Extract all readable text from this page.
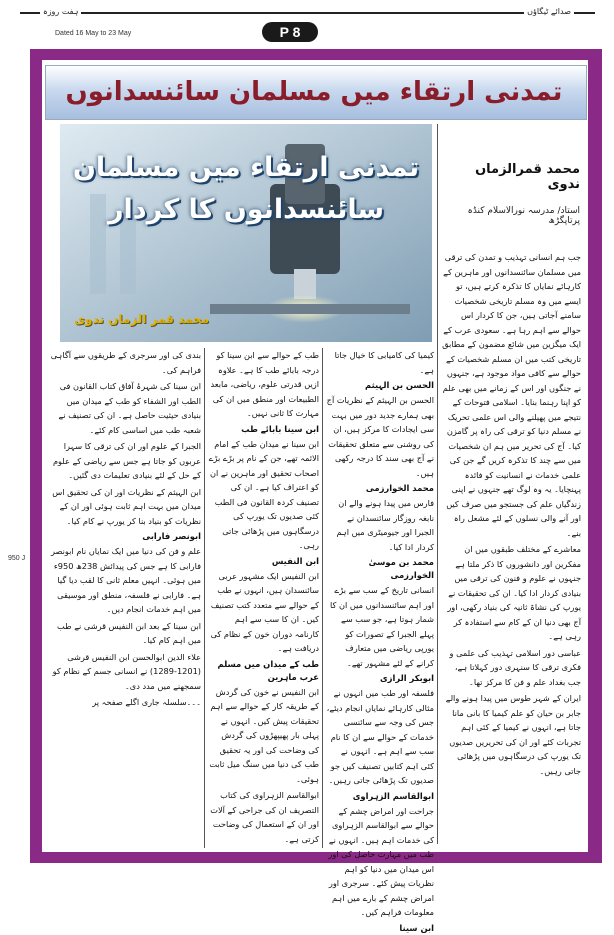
ہفت روزہ	صدائے ٹیگاؤں
P 8
Dated 16 May to 23 May
950 J
تمدنی ارتقاء میں مسلمان سائنسدانوں
تمدنی ارتقاء میں مسلمان
سائنسدانوں کا کردار
محمد قمر الزماں ندوی
محمد قمرالزماں ندوی
استاد/ مدرسہ نورالاسلام کنڈہ پرتاپگڑھ

جب ہم انسانی تہذیب و تمدن کی ترقی میں مسلمان سائنسدانوں اور ماہرین کے کارہائے نمایاں کا تذکرہ کرتے ہیں، تو ایسے میں وہ مسلم تاریخی شخصیات سامنے آجاتی ہیں، جن کا کردار اس حوالے سے اہم رہا ہے۔ سعودی عرب کے ایک میگزین میں شائع مضمون کے مطابق تاریخی کتب میں ان مسلم شخصیات کے حوالے سے کافی مواد موجود ہے، جنہوں نے جنگوں اور اس کے زمانے میں بھی علم کو اپنا رہنما بنایا۔ اسلامی فتوحات کے نتیجے میں پھیلنے والی اس علمی تحریک نے مسلم دنیا کو ترقی کی راہ پر گامزن کیا۔ آج کی تحریر میں ہم ان شخصیات میں سے چند کا تذکرہ کریں گے جن کی علمی خدمات نے انسانیت کو فائدہ پہنچایا۔ یہ وہ لوگ تھے جنہوں نے اپنی زندگیاں علم کی جستجو میں صرف کیں اور آنے والی نسلوں کے لئے مشعل راہ بنے۔

معاشرے کے مختلف طبقوں میں ان مفکرین اور دانشوروں کا ذکر ملتا ہے جنہوں نے علوم و فنون کی ترقی میں بنیادی کردار ادا کیا۔ ان کی تحقیقات نے یورپ کی نشاۃ ثانیہ کی بنیاد رکھی، اور آج بھی دنیا ان کے کام سے استفادہ کر رہی ہے۔

عباسی دور اسلامی تہذیب کی علمی و فکری ترقی کا سنہری دور کہلاتا ہے، جب بغداد علم و فن کا مرکز تھا۔

ایران کے شہر طوس میں پیدا ہونے والے جابر بن حیان کو علم کیمیا کا بانی مانا جاتا ہے، انہوں نے کیمیا کے کئی اہم تجربات کئے اور ان کی تحریریں صدیوں تک یورپ کی درسگاہوں میں پڑھائی جاتی رہیں۔

کیمیا کی کامیابی کا خیال جاتا ہے۔

الحسن بن الہیثم

الحسن بن الہیثم کے نظریات آج بھی ہمارے جدید دور میں بہت سی ایجادات کا مرکز ہیں، ان کی روشنی سے متعلق تحقیقات نے آج بھی سند کا درجہ رکھی ہیں۔

محمد الخوارزمی

فارس میں پیدا ہونے والے ان نابغہ روزگار سائنسدان نے الجبرا اور جیومیٹری میں اہم کردار ادا کیا۔

محمد بن موسیٰ الخوارزمی

انسانی تاریخ کے سب سے بڑے اور اہم سائنسدانوں میں ان کا شمار ہوتا ہے، جو سب سے پہلے الجبرا کے تصورات کو یورپی ریاضی میں متعارف کرانے کے لئے مشہور تھے۔

ابوبکر الرازی

فلسفہ اور طب میں انہوں نے مثالی کارہائے نمایاں انجام دیئے، جس کی وجہ سے سائنسی خدمات کے حوالے سے ان کا نام سب سے اہم ہے۔ انہوں نے کئی اہم کتابیں تصنیف کیں جو صدیوں تک پڑھائی جاتی رہیں۔

ابوالقاسم الزہراوی

جراحت اور امراض چشم کے حوالے سے ابوالقاسم الزہراوی کی خدمات اہم ہیں۔ انہوں نے طب میں مہارت حاصل کی اور اس میدان میں دنیا کو اہم نظریات پیش کئے۔ سرجری اور امراض چشم کے بارے میں اہم معلومات فراہم کیں۔

ابن سینا

طب کے حوالے سے ابن سینا کو درجہ بابائے طب کا ہے۔ علاوہ ازیں قدرتی علوم، ریاضی، مابعد الطبیعات اور منطق میں ان کی مہارت کا ثانی نہیں۔

ابن سینا بابائے طب

ابن سینا نے میدان طب کے امام الائمہ تھے، جن کے نام پر بڑے بڑے اصحاب تحقیق اور ماہرین نے ان کو اعتراف کیا ہے۔ ان کی تصنیف کردہ القانون فی الطب کئی صدیوں تک یورپ کی درسگاہوں میں پڑھائی جاتی رہی۔

ابن النفیس

ابن النفیس ایک مشہور عربی سائنسدان ہیں، انہوں نے طب کے حوالے سے متعدد کتب تصنیف کیں۔ ان کا سب سے اہم کارنامہ دوران خون کے نظام کی دریافت ہے۔

طب کے میدان میں مسلم عرب ماہرین

ابن النفیس نے خون کی گردش کے طریقہ کار کے حوالے سے اہم تحقیقات پیش کیں۔ انہوں نے پہلی بار پھیپھڑوں کی گردش کی وضاحت کی اور یہ تحقیق طب کی دنیا میں سنگ میل ثابت ہوئی۔

ابوالقاسم الزہراوی کی کتاب التصریف ان کی جراحی کے آلات اور ان کے استعمال کی وضاحت کرتی ہے۔

بندی کی اور سرجری کے طریقوں سے آگاہی فراہم کی۔

ابن سینا کی شہرۂ آفاق کتاب القانون فی الطب اور الشفاء کو طب کے میدان میں بنیادی حیثیت حاصل ہے۔ ان کی تصنیف نے شعبہ طب میں اساسی کام کئے۔

الجبرا کے علوم اور ان کی ترقی کا سہرا عربوں کو جاتا ہے جس سے ریاضی کے علوم کے حل کے لئے بنیادی تعلیمات دی گئیں۔

ابن الہیثم کے نظریات اور ان کی تحقیق اس میدان میں بہت اہم ثابت ہوئی اور ان کے نظریات کو بنیاد بنا کر یورپ نے کام کیا۔

ابونصر فارابی

علم و فن کی دنیا میں ایک نمایاں نام ابونصر فارابی کا ہے جس کی پیدائش 238ھ 950ء میں ہوئی۔ انہیں معلم ثانی کا لقب دیا گیا ہے۔ فارابی نے فلسفہ، منطق اور موسیقی میں اہم خدمات انجام دیں۔

ابن سینا کے بعد ابن النفیس قرشی نے طب میں اہم کام کیا۔

علاء الدین ابوالحسن ابن النفیس قرشی (1201-1289) نے انسانی جسم کے نظام کو سمجھنے میں مدد دی۔

۔۔۔سلسلہ جاری اگلے صفحہ پر
